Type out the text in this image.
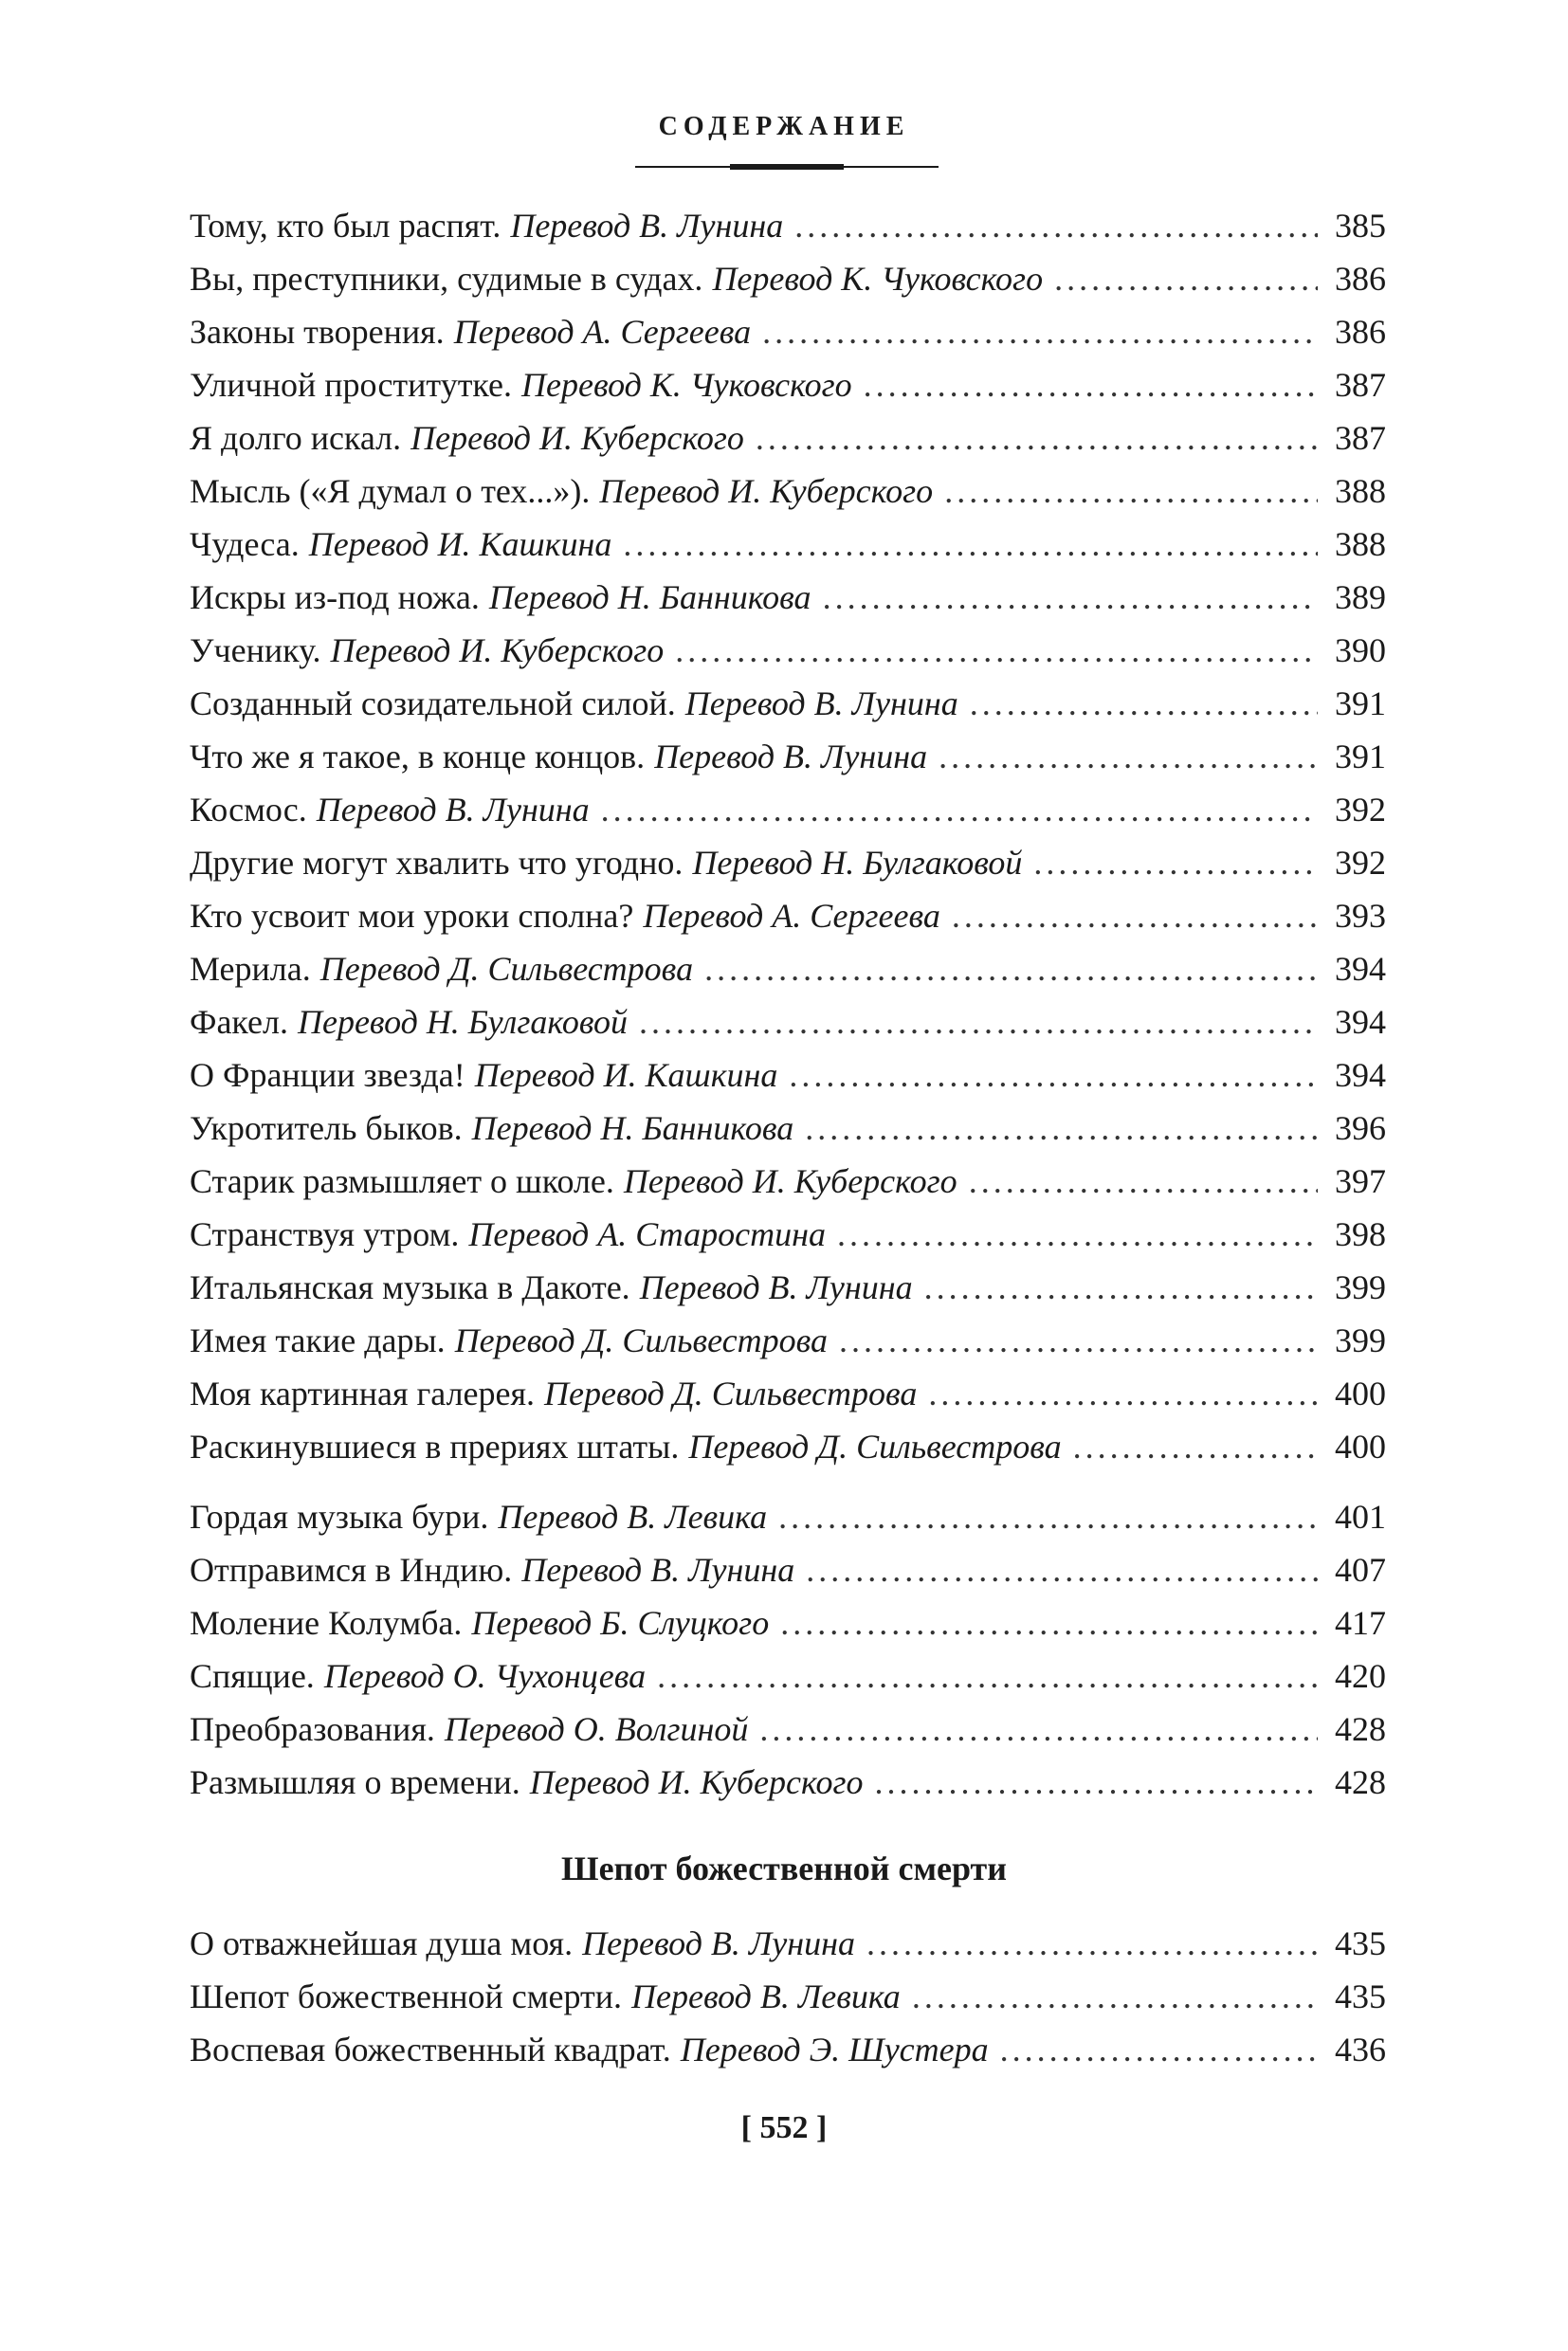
СОДЕРЖАНИЕ
Тому, кто был распят. Перевод В. Лунина . . .	385
Вы, преступники, судимые в судах. Перевод К. Чуковского . . .	386
Законы творения. Перевод А. Сергеева . . .	386
Уличной проститутке. Перевод К. Чуковского . . .	387
Я долго искал. Перевод И. Куберского . . .	387
Мысль («Я думал о тех...»). Перевод И. Куберского . . .	388
Чудеса. Перевод И. Кашкина . . .	388
Искры из-под ножа. Перевод Н. Банникова . . .	389
Ученику. Перевод И. Куберского . . .	390
Созданный созидательной силой. Перевод В. Лунина . . .	391
Что же я такое, в конце концов. Перевод В. Лунина . . .	391
Космос. Перевод В. Лунина . . .	392
Другие могут хвалить что угодно. Перевод Н. Булгаковой . . .	392
Кто усвоит мои уроки сполна? Перевод А. Сергеева . . .	393
Мерила. Перевод Д. Сильвестрова . . .	394
Факел. Перевод Н. Булгаковой . . .	394
О Франции звезда! Перевод И. Кашкина . . .	394
Укротитель быков. Перевод Н. Банникова . . .	396
Старик размышляет о школе. Перевод И. Куберского . . .	397
Странствуя утром. Перевод А. Старостина . . .	398
Итальянская музыка в Дакоте. Перевод В. Лунина . . .	399
Имея такие дары. Перевод Д. Сильвестрова . . .	399
Моя картинная галерея. Перевод Д. Сильвестрова . . .	400
Раскинувшиеся в прериях штаты. Перевод Д. Сильвестрова . . .	400
Гордая музыка бури. Перевод В. Левика . . .	401
Отправимся в Индию. Перевод В. Лунина . . .	407
Моление Колумба. Перевод Б. Слуцкого . . .	417
Спящие. Перевод О. Чухонцева . . .	420
Преобразования. Перевод О. Волгиной . . .	428
Размышляя о времени. Перевод И. Куберского . . .	428
Шепот божественной смерти
О отважнейшая душа моя. Перевод В. Лунина . . .	435
Шепот божественной смерти. Перевод В. Левика . . .	435
Воспевая божественный квадрат. Перевод Э. Шустера . . .	436
[ 552 ]
